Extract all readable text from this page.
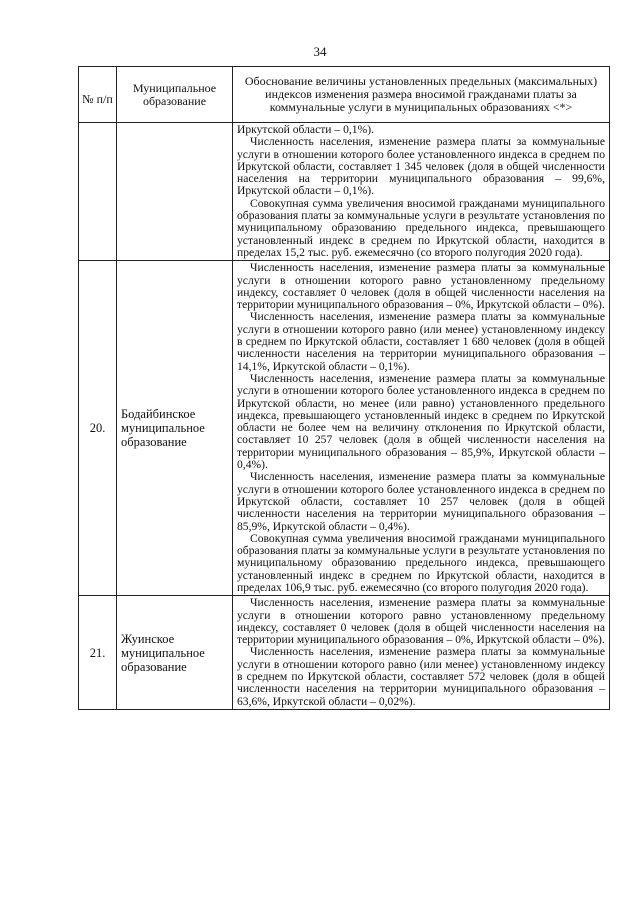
34
№ п/п	Муниципальное образование	Обоснование величины установленных предельных (максимальных) индексов изменения размера вносимой гражданами платы за коммунальные услуги в муниципальных образованиях <*>

		Иркутской области – 0,1%).

Численность населения, изменение размера платы за коммунальные услуги в отношении которого более установленного индекса в среднем по Иркутской области, составляет 1 345 человек (доля в общей численности населения на территории муниципального образования – 99,6%, Иркутской области – 0,1%).

Совокупная сумма увеличения вносимой гражданами муниципального образования платы за коммунальные услуги в результате установления по муниципальному образованию предельного индекса, превышающего установленный индекс в среднем по Иркутской области, находится в пределах 15,2 тыс. руб. ежемесячно (со второго полугодия 2020 года).

20.	Бодайбинское муниципальное образование	Численность населения, изменение размера платы за коммунальные услуги в отношении которого равно установленному предельному индексу, составляет 0 человек (доля в общей численности населения на территории муниципального образования – 0%, Иркутской области – 0%).

Численность населения, изменение размера платы за коммунальные услуги в отношении которого равно (или менее) установленному индексу в среднем по Иркутской области, составляет 1 680 человек (доля в общей численности населения на территории муниципального образования – 14,1%, Иркутской области – 0,1%).

Численность населения, изменение размера платы за коммунальные услуги в отношении которого более установленного индекса в среднем по Иркутской области, но менее (или равно) установленного предельного индекса, превышающего установленный индекс в среднем по Иркутской области не более чем на величину отклонения по Иркутской области, составляет 10 257 человек (доля в общей численности населения на территории муниципального образования – 85,9%, Иркутской области – 0,4%).

Численность населения, изменение размера платы за коммунальные услуги в отношении которого более установленного индекса в среднем по Иркутской области, составляет 10 257 человек (доля в общей численности населения на территории муниципального образования – 85,9%, Иркутской области – 0,4%).

Совокупная сумма увеличения вносимой гражданами муниципального образования платы за коммунальные услуги в результате установления по муниципальному образованию предельного индекса, превышающего установленный индекс в среднем по Иркутской области, находится в пределах 106,9 тыс. руб. ежемесячно (со второго полугодия 2020 года).

21.	Жуинское муниципальное образование	Численность населения, изменение размера платы за коммунальные услуги в отношении которого равно установленному предельному индексу, составляет 0 человек (доля в общей численности населения на территории муниципального образования – 0%, Иркутской области – 0%).

Численность населения, изменение размера платы за коммунальные услуги в отношении которого равно (или менее) установленному индексу в среднем по Иркутской области, составляет 572 человек (доля в общей численности населения на территории муниципального образования – 63,6%, Иркутской области – 0,02%).
